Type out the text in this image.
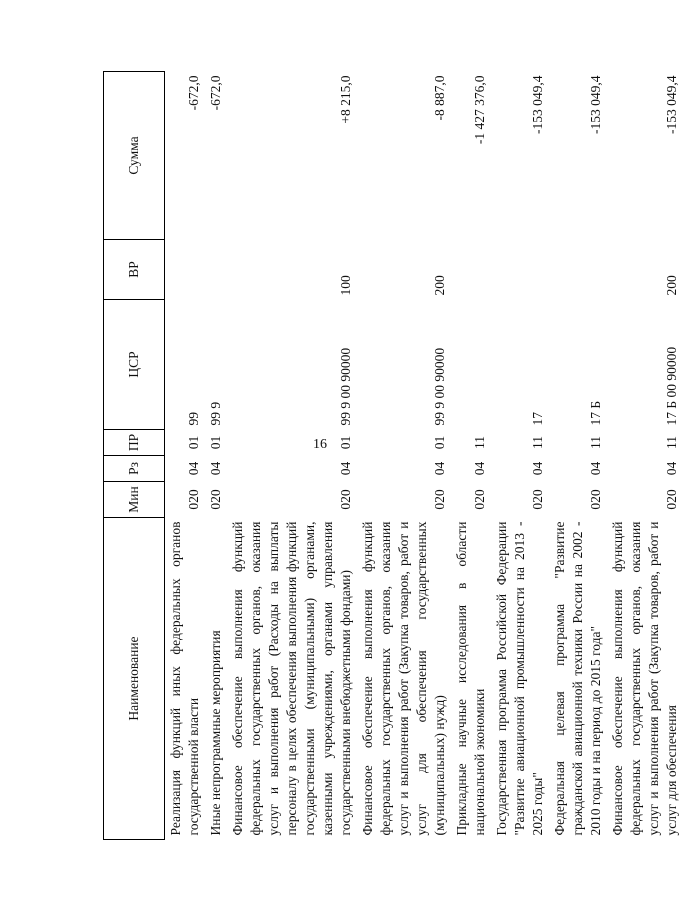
16
Наименование	Мин	Рз	ПР	ЦСР	ВР	Сумма
Реализация функций иных федеральных органов государственной власти	020	04	01	99		-672,0
Иные непрограммные мероприятия	020	04	01	99 9		-672,0
Финансовое обеспечение выполнения функций федеральных государственных органов, оказания услуг и выполнения работ (Расходы на выплаты персоналу в целях обеспечения выполнения функций государственными (муниципальными) органами, казенными учреждениями, органами управления государственными внебюджетными фондами)	020	04	01	99 9 00 90000	100	+8 215,0
Финансовое обеспечение выполнения функций федеральных государственных органов, оказания услуг и выполнения работ (Закупка товаров, работ и услуг для обеспечения государственных (муниципальных) нужд)	020	04	01	99 9 00 90000	200	-8 887,0
Прикладные научные исследования в области национальной экономики	020	04	11			-1 427 376,0
Государственная программа Российской Федерации "Развитие авиационной промышленности на 2013 - 2025 годы"	020	04	11	17		-153 049,4
Федеральная целевая программа "Развитие гражданской авиационной техники России на 2002 - 2010 годы и на период до 2015 года"	020	04	11	17 Б		-153 049,4
Финансовое обеспечение выполнения функций федеральных государственных органов, оказания услуг и выполнения работ (Закупка товаров, работ и услуг для обеспечения	020	04	11	17 Б 00 90000	200	-153 049,4
